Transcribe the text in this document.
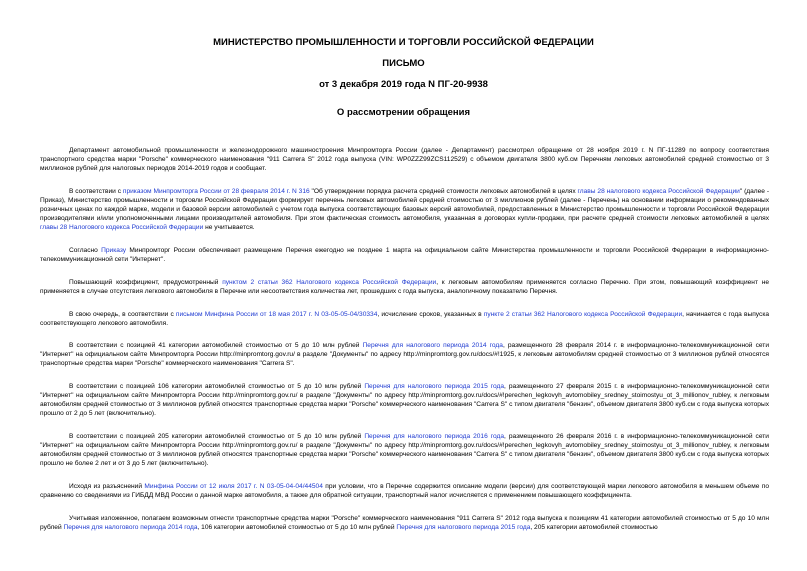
МИНИСТЕРСТВО ПРОМЫШЛЕННОСТИ И ТОРГОВЛИ РОССИЙСКОЙ ФЕДЕРАЦИИ
ПИСЬМО
от 3 декабря 2019 года N ПГ-20-9938
О рассмотрении обращения

Департамент автомобильной промышленности и железнодорожного машиностроения Минпромторга России (далее - Департамент) рассмотрел обращение от 28 ноября 2019 г. N ПГ-11289 по вопросу соответствия транспортного средства марки "Porsche" коммерческого наименования "911 Carrera S" 2012 года выпуска (VIN: WP0ZZZ99ZCS112529) с объемом двигателя 3800 куб.см Перечням легковых автомобилей средней стоимостью от 3 миллионов рублей для налоговых периодов 2014-2019 годов и сообщает.

В соответствии с приказом Минпромторга России от 28 февраля 2014 г. N 316 "Об утверждении порядка расчета средней стоимости легковых автомобилей в целях главы 28 налогового кодекса Российской Федерации" (далее - Приказ), Министерство промышленности и торговли Российской Федерации формирует перечень легковых автомобилей средней стоимостью от 3 миллионов рублей (далее - Перечень) на основании информации о рекомендованных розничных ценах по каждой марке, модели и базовой версии автомобилей с учетом года выпуска соответствующих базовых версий автомобилей, предоставленных в Министерство промышленности и торговли Российской Федерации производителями и/или уполномоченными лицами производителей автомобиля. При этом фактическая стоимость автомобиля, указанная в договорах купли-продажи, при расчете средней стоимости легковых автомобилей в целях главы 28 Налогового кодекса Российской Федерации не учитывается.

Согласно Приказу Минпромторг России обеспечивает размещение Перечня ежегодно не позднее 1 марта на официальном сайте Министерства промышленности и торговли Российской Федерации в информационно-телекоммуникационной сети "Интернет".

Повышающий коэффициент, предусмотренный пунктом 2 статьи 362 Налогового кодекса Российской Федерации, к легковым автомобилям применяется согласно Перечню. При этом, повышающий коэффициент не применяется в случае отсутствия легкового автомобиля в Перечне или несоответствия количества лет, прошедших с года выпуска, аналогичному показателю Перечня.

В свою очередь, в соответствии с письмом Минфина России от 18 мая 2017 г. N 03-05-05-04/30334, исчисление сроков, указанных в пункте 2 статьи 362 Налогового кодекса Российской Федерации, начинается с года выпуска соответствующего легкового автомобиля.

В соответствии с позицией 41 категории автомобилей стоимостью от 5 до 10 млн рублей Перечня для налогового периода 2014 года, размещенного 28 февраля 2014 г. в информационно-телекоммуникационной сети "Интернет" на официальном сайте Минпромторга России http://minpromtorg.gov.ru/ в разделе "Документы" по адресу http://minpromtorg.gov.ru/docs/#!1925, к легковым автомобилям средней стоимостью от 3 миллионов рублей относятся транспортные средства марки "Porsche" коммерческого наименования "Carrera S".

В соответствии с позицией 106 категории автомобилей стоимостью от 5 до 10 млн рублей Перечня для налогового периода 2015 года, размещенного 27 февраля 2015 г. в информационно-телекоммуникационной сети "Интернет" на официальном сайте Минпромторга России http://minpromtorg.gov.ru/ в разделе "Документы" по адресу http://minpromtorg.gov.ru/docs/#!perechen_legkovyh_avtomobiley_sredney_stoimostyu_ot_3_millionov_rubley, к легковым автомобилям средней стоимостью от 3 миллионов рублей относятся транспортные средства марки "Porsche" коммерческого наименования "Carrera S" с типом двигателя "бензин", объемом двигателя 3800 куб.см с года выпуска которых прошло от 2 до 5 лет (включительно).

В соответствии с позицией 205 категории автомобилей стоимостью от 5 до 10 млн рублей Перечня для налогового периода 2016 года, размещенного 26 февраля 2016 г. в информационно-телекоммуникационной сети "Интернет" на официальном сайте Минпромторга России http://minpromtorg.gov.ru/ в разделе "Документы" по адресу http://minpromtorg.gov.ru/docs/#!perechen_legkovyh_avtomobiley_sredney_stoimostyu_ot_3_millionov_rubley, к легковым автомобилям средней стоимостью от 3 миллионов рублей относятся транспортные средства марки "Porsche" коммерческого наименования "Carrera S" с типом двигателя "бензин", объемом двигателя 3800 куб.см с года выпуска которых прошло не более 2 лет и от 3 до 5 лет (включительно).

Исходя из разъяснений Минфина России от 12 июля 2017 г. N 03-05-04-04/44504 при условии, что в Перечне содержится описание модели (версии) для соответствующей марки легкового автомобиля в меньшем объеме по сравнению со сведениями из ГИБДД МВД России о данной марке автомобиля, а также для обратной ситуации, транспортный налог исчисляется с применением повышающего коэффициента.

Учитывая изложенное, полагаем возможным отнести транспортные средства марки "Porsche" коммерческого наименования "911 Carrera S" 2012 года выпуска к позициям 41 категории автомобилей стоимостью от 5 до 10 млн рублей Перечня для налогового периода 2014 года, 106 категории автомобилей стоимостью от 5 до 10 млн рублей Перечня для налогового периода 2015 года, 205 категории автомобилей стоимостью
